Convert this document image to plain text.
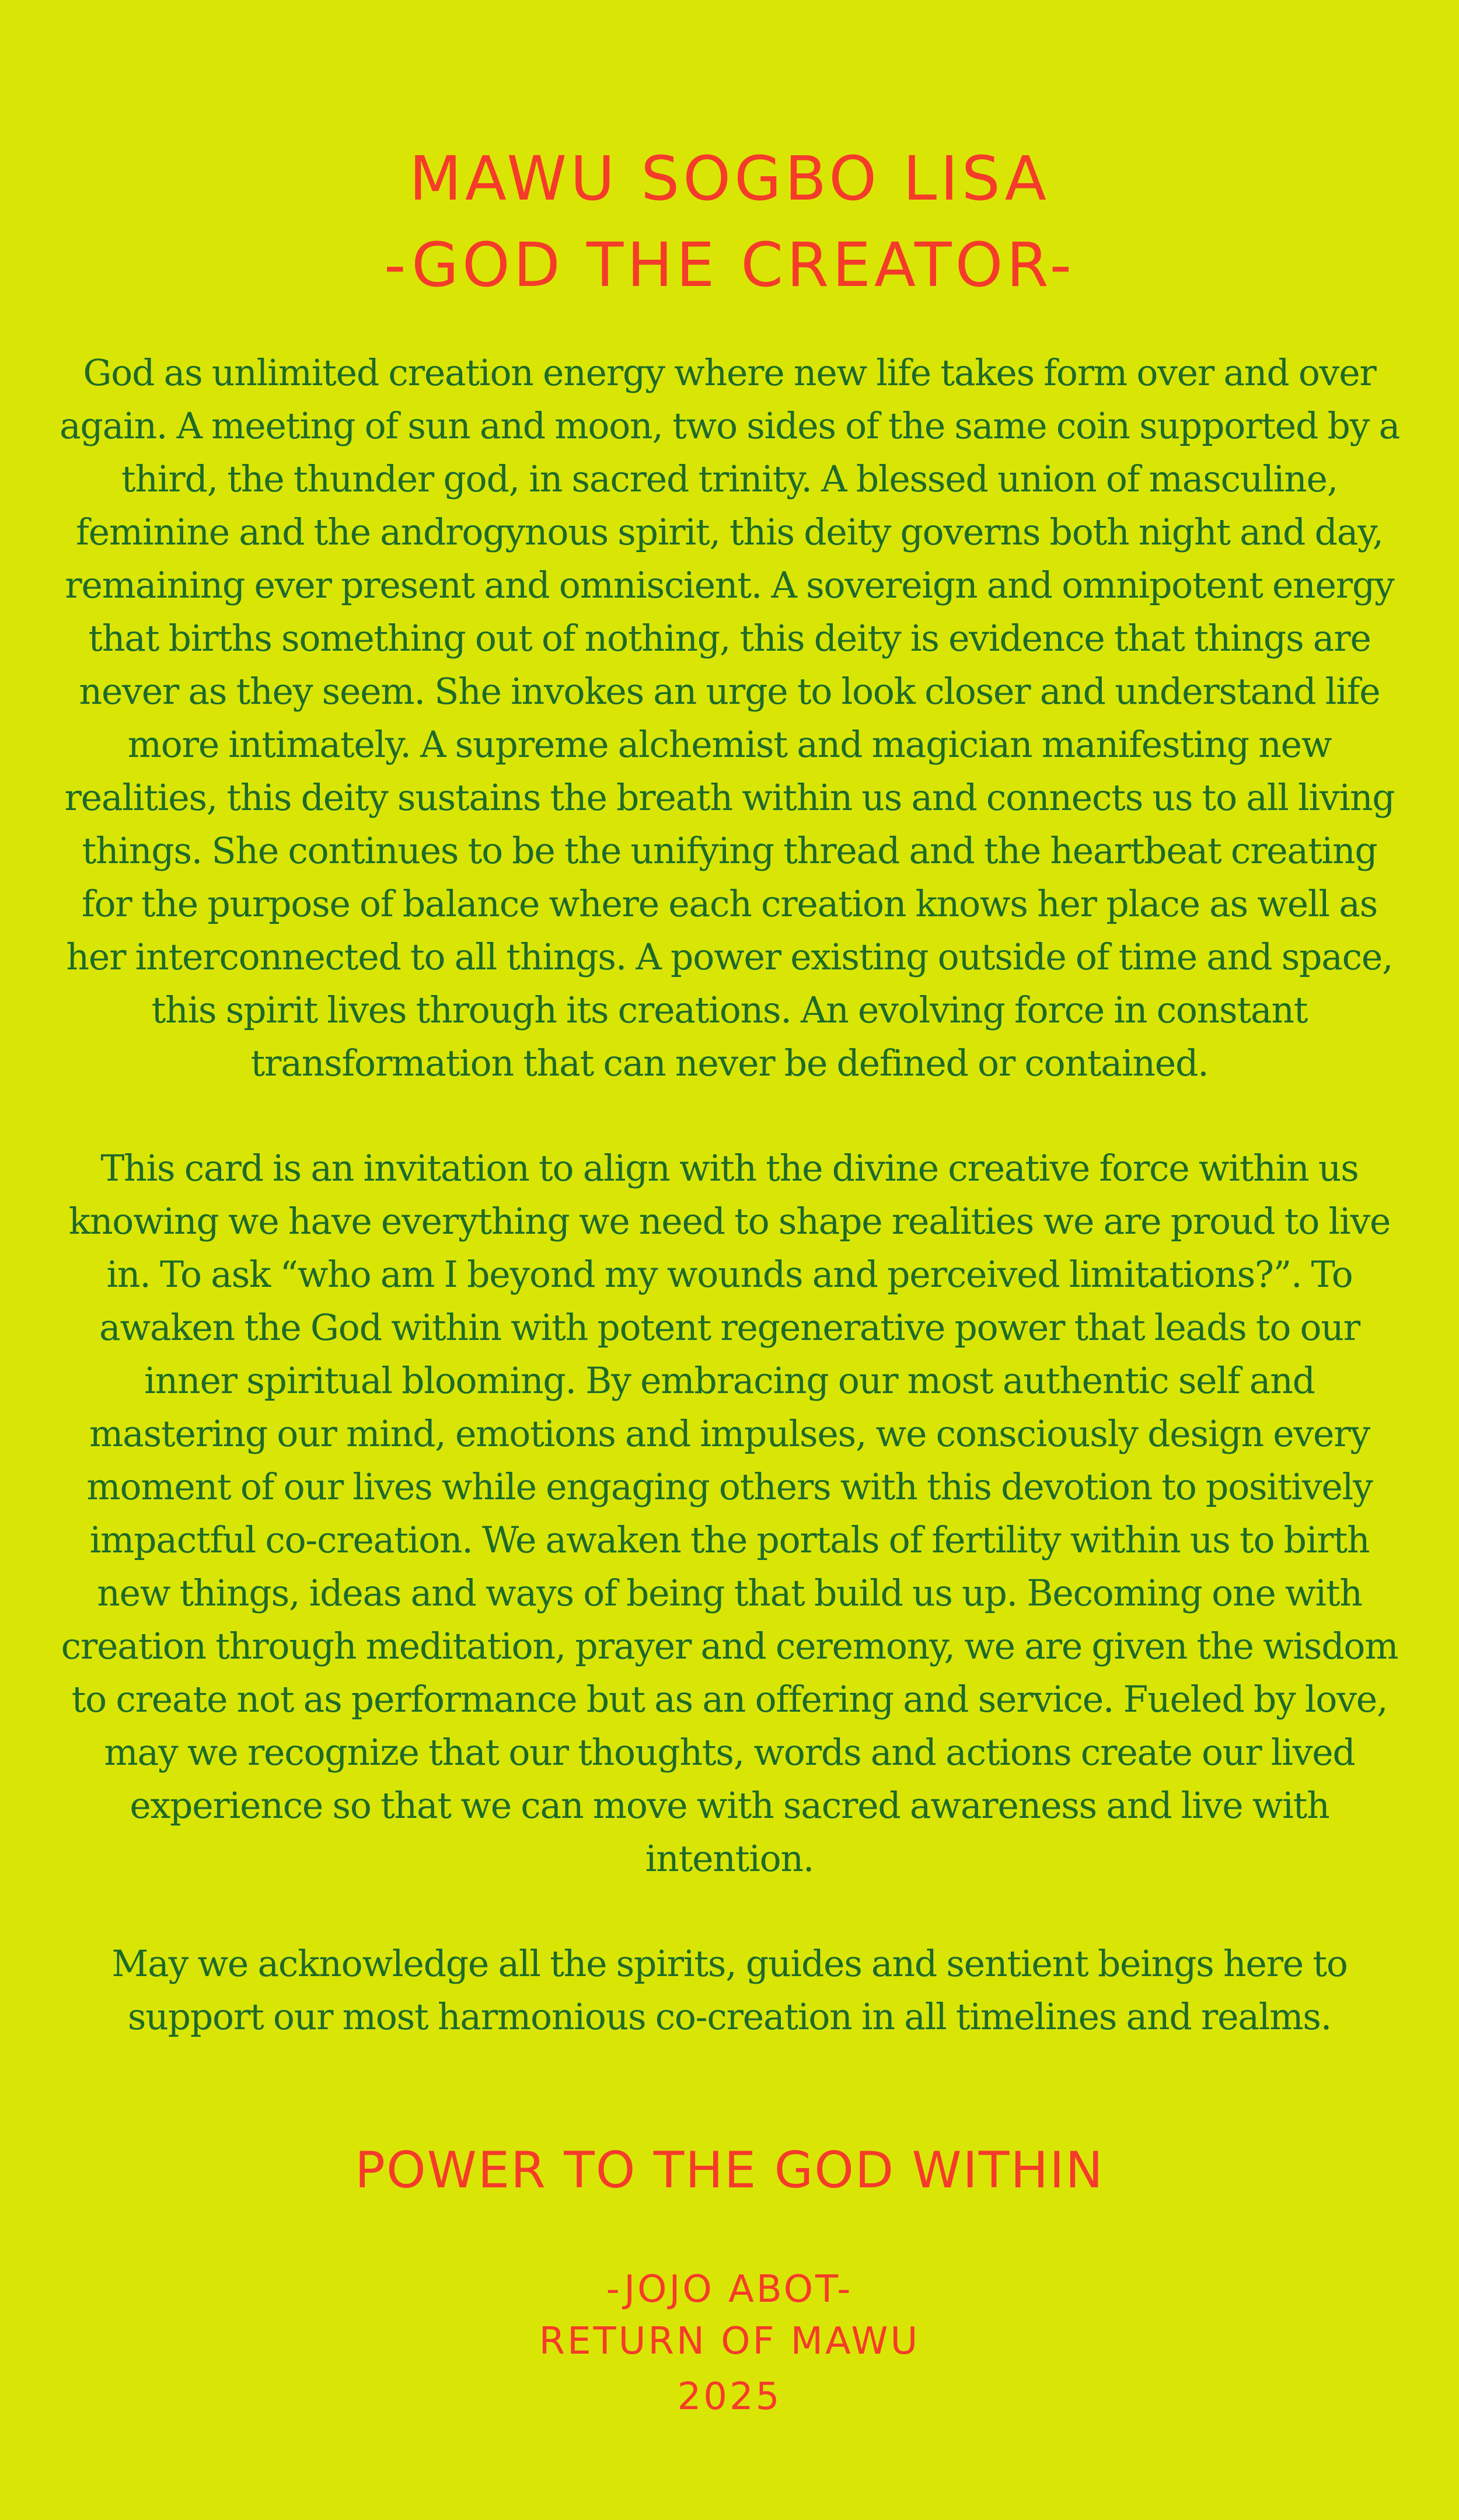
MAWU SOGBO LISA
-GOD THE CREATOR-

God as unlimited creation energy where new life takes form over and over again. A meeting of sun and moon, two sides of the same coin supported by a third, the thunder god, in sacred trinity. A blessed union of masculine, feminine and the androgynous spirit, this deity governs both night and day, remaining ever present and omniscient. A sovereign and omnipotent energy that births something out of nothing, this deity is evidence that things are never as they seem. She invokes an urge to look closer and understand life more intimately. A supreme alchemist and magician manifesting new realities, this deity sustains the breath within us and connects us to all living things. She continues to be the unifying thread and the heartbeat creating for the purpose of balance where each creation knows her place as well as her interconnected to all things. A power existing outside of time and space, this spirit lives through its creations. An evolving force in constant transformation that can never be defined or contained.

This card is an invitation to align with the divine creative force within us knowing we have everything we need to shape realities we are proud to live in. To ask “who am I beyond my wounds and perceived limitations?”. To awaken the God within with potent regenerative power that leads to our inner spiritual blooming. By embracing our most authentic self and mastering our mind, emotions and impulses, we consciously design every moment of our lives while engaging others with this devotion to positively impactful co-creation. We awaken the portals of fertility within us to birth new things, ideas and ways of being that build us up. Becoming one with creation through meditation, prayer and ceremony, we are given the wisdom to create not as performance but as an offering and service. Fueled by love, may we recognize that our thoughts, words and actions create our lived experience so that we can move with sacred awareness and live with intention.

May we acknowledge all the spirits, guides and sentient beings here to support our most harmonious co-creation in all timelines and realms.

POWER TO THE GOD WITHIN
-JOJO ABOT-
RETURN OF MAWU
2025
